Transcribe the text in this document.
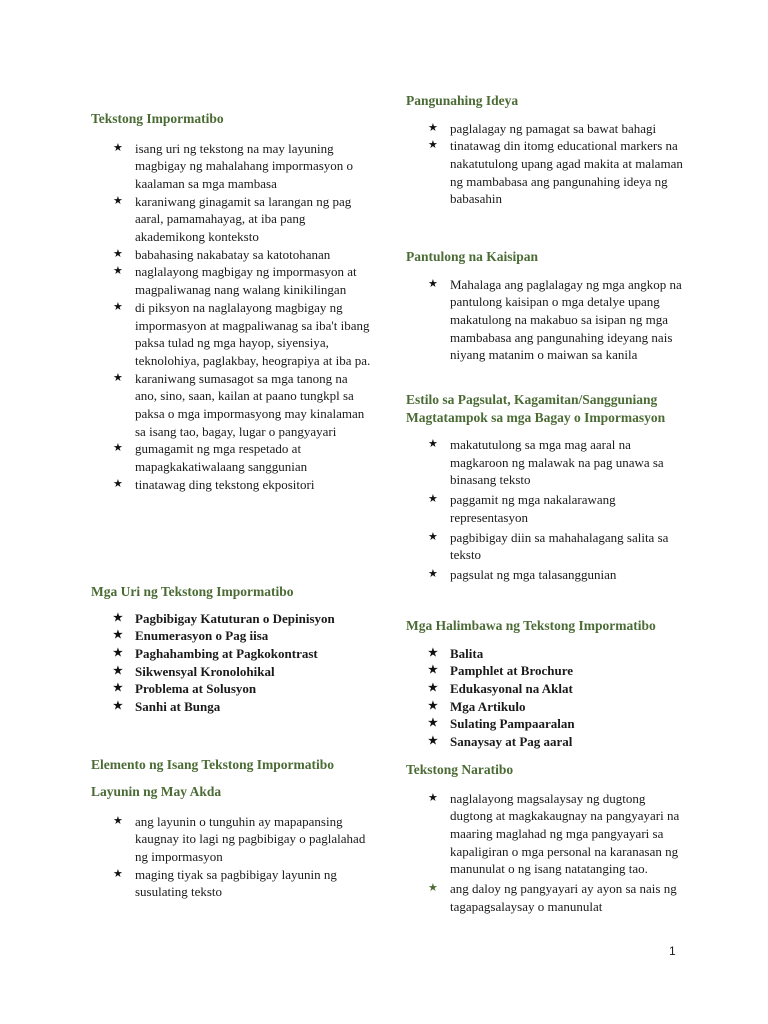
Tekstong Impormatibo

★ isang uri ng tekstong na may layuning magbigay ng mahalahang impormasyon o kaalaman sa mga mambasa
★ karaniwang ginagamit sa larangan ng pag aaral, pamamahayag, at iba pang akademikong konteksto
★ babahasing nakabatay sa katotohanan
★ naglalayong magbigay ng impormasyon at magpaliwanag nang walang kinikilingan
★ di piksyon na naglalayong magbigay ng impormasyon at magpaliwanag sa iba't ibang paksa tulad ng mga hayop, siyensiya, teknolohiya, paglakbay, heograpiya at iba pa.
★ karaniwang sumasagot sa mga tanong na ano, sino, saan, kailan at paano tungkpl sa paksa o mga impormasyong may kinalaman sa isang tao, bagay, lugar o pangyayari
★ gumagamit ng mga respetado at mapagkakatiwalaang sanggunian
★ tinatawag ding tekstong ekpositori

Mga Uri ng Tekstong Impormatibo

★ Pagbibigay Katuturan o Depinisyon
★ Enumerasyon o Pag iisa
★ Paghahambing at Pagkokontrast
★ Sikwensyal Kronolohikal
★ Problema at Solusyon
★ Sanhi at Bunga

Elemento ng Isang Tekstong Impormatibo

Layunin ng May Akda

★ ang layunin o tunguhin ay mapapansing kaugnay ito lagi ng pagbibigay o paglalahad ng impormasyon
★ maging tiyak sa pagbibigay layunin ng susulating teksto

Pangunahing Ideya

★ paglalagay ng pamagat sa bawat bahagi
★ tinatawag din itomg educational markers na nakatutulong upang agad makita at malaman ng mambabasa ang pangunahing ideya ng babasahin

Pantulong na Kaisipan

★ Mahalaga ang paglalagay ng mga angkop na pantulong kaisipan o mga detalye upang makatulong na makabuo sa isipan ng mga mambabasa ang pangunahing ideyang nais niyang matanim o maiwan sa kanila

Estilo sa Pagsulat, Kagamitan/Sangguniang

Magtatampok sa mga Bagay o Impormasyon

★ makatutulong sa mga mag aaral na magkaroon ng malawak na pag unawa sa binasang teksto
★ paggamit ng mga nakalarawang representasyon
★ pagbibigay diin sa mahahalagang salita sa teksto
★ pagsulat ng mga talasanggunian

Mga Halimbawa ng Tekstong Impormatibo

★ Balita
★ Pamphlet at Brochure
★ Edukasyonal na Aklat
★ Mga Artikulo
★ Sulating Pampaaralan
★ Sanaysay at Pag aaral

Tekstong Naratibo

★ naglalayong magsalaysay ng dugtong dugtong at magkakaugnay na pangyayari na maaring maglahad ng mga pangyayari sa kapaligiran o mga personal na karanasan ng manunulat o ng isang natatanging tao.
★ ang daloy ng pangyayari ay ayon sa nais ng tagapagsalaysay o manunulat
1
